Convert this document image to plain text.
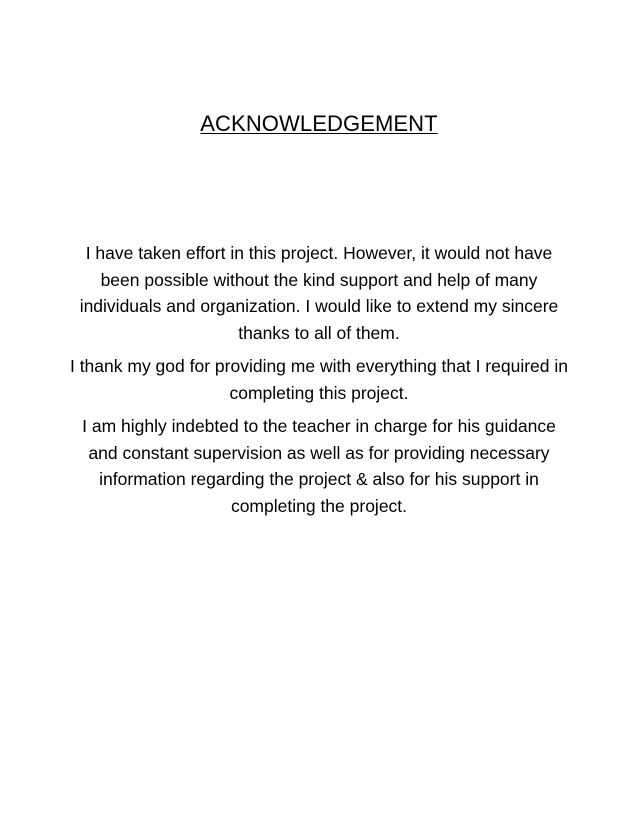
ACKNOWLEDGEMENT

I have taken effort in this project. However, it would not have been possible without the kind support and help of many individuals and organization. I would like to extend my sincere thanks to all of them.

I thank my god for providing me with everything that I required in completing this project.

I am highly indebted to the teacher in charge for his guidance and constant supervision as well as for providing necessary information regarding the project & also for his support in completing the project.
